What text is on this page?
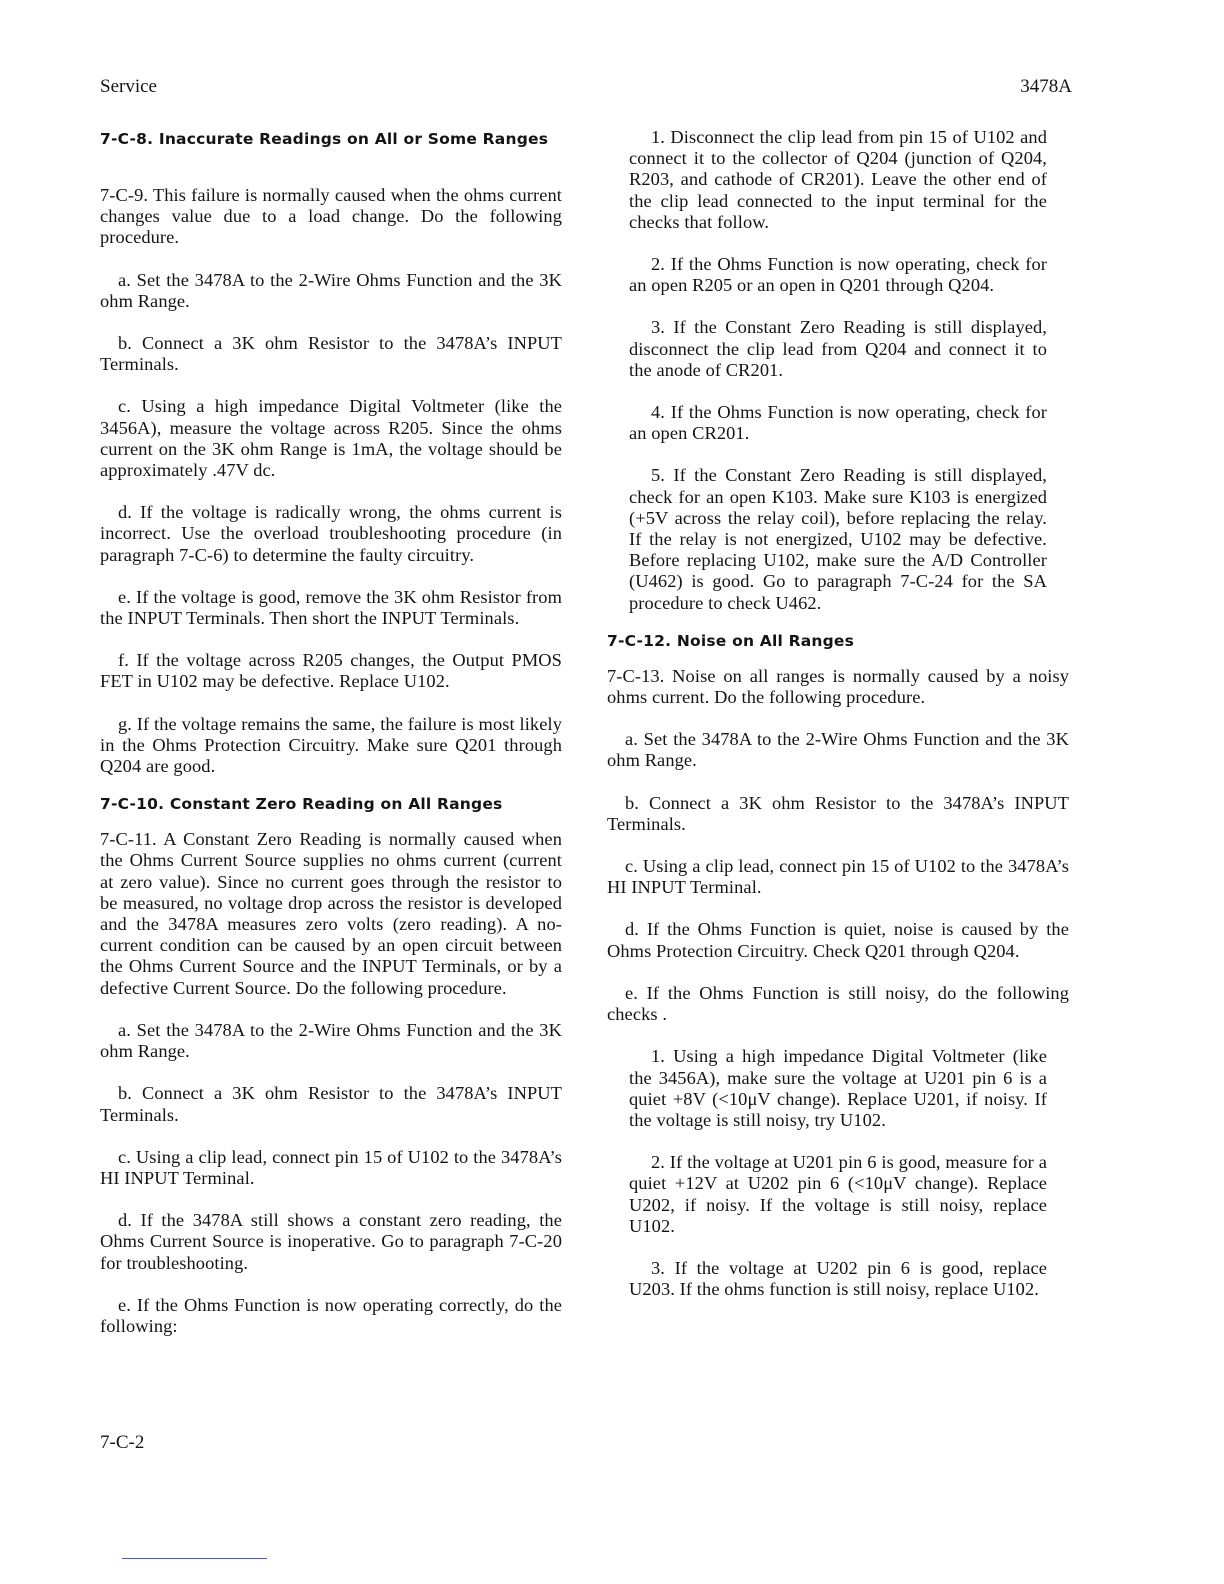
Service	3478A
7-C-8. Inaccurate Readings on All or Some Ranges
7-C-9. This failure is normally caused when the ohms current changes value due to a load change. Do the following procedure.
a. Set the 3478A to the 2-Wire Ohms Function and the 3K ohm Range.
b. Connect a 3K ohm Resistor to the 3478A’s INPUT Terminals.
c. Using a high impedance Digital Voltmeter (like the 3456A), measure the voltage across R205. Since the ohms current on the 3K ohm Range is 1mA, the voltage should be approximately .47V dc.
d. If the voltage is radically wrong, the ohms current is incorrect. Use the overload troubleshooting procedure (in paragraph 7-C-6) to determine the faulty circuitry.
e. If the voltage is good, remove the 3K ohm Resistor from the INPUT Terminals. Then short the INPUT Terminals.
f. If the voltage across R205 changes, the Output PMOS FET in U102 may be defective. Replace U102.
g. If the voltage remains the same, the failure is most likely in the Ohms Protection Circuitry. Make sure Q201 through Q204 are good.
7-C-10. Constant Zero Reading on All Ranges
7-C-11. A Constant Zero Reading is normally caused when the Ohms Current Source supplies no ohms current (current at zero value). Since no current goes through the resistor to be measured, no voltage drop across the resistor is developed and the 3478A measures zero volts (zero reading). A no-current condition can be caused by an open circuit between the Ohms Current Source and the INPUT Terminals, or by a defective Current Source. Do the following procedure.
a. Set the 3478A to the 2-Wire Ohms Function and the 3K ohm Range.
b. Connect a 3K ohm Resistor to the 3478A’s INPUT Terminals.
c. Using a clip lead, connect pin 15 of U102 to the 3478A’s HI INPUT Terminal.
d. If the 3478A still shows a constant zero reading, the Ohms Current Source is inoperative. Go to paragraph 7-C-20 for troubleshooting.
e. If the Ohms Function is now operating correctly, do the following:
1. Disconnect the clip lead from pin 15 of U102 and connect it to the collector of Q204 (junction of Q204, R203, and cathode of CR201). Leave the other end of the clip lead connected to the input terminal for the checks that follow.
2. If the Ohms Function is now operating, check for an open R205 or an open in Q201 through Q204.
3. If the Constant Zero Reading is still displayed, disconnect the clip lead from Q204 and connect it to the anode of CR201.
4. If the Ohms Function is now operating, check for an open CR201.
5. If the Constant Zero Reading is still displayed, check for an open K103. Make sure K103 is energized (+5V across the relay coil), before replacing the relay. If the relay is not energized, U102 may be defective. Before replacing U102, make sure the A/D Controller (U462) is good. Go to paragraph 7-C-24 for the SA procedure to check U462.
7-C-12. Noise on All Ranges
7-C-13. Noise on all ranges is normally caused by a noisy ohms current. Do the following procedure.
a. Set the 3478A to the 2-Wire Ohms Function and the 3K ohm Range.
b. Connect a 3K ohm Resistor to the 3478A’s INPUT Terminals.
c. Using a clip lead, connect pin 15 of U102 to the 3478A’s HI INPUT Terminal.
d. If the Ohms Function is quiet, noise is caused by the Ohms Protection Circuitry. Check Q201 through Q204.
e. If the Ohms Function is still noisy, do the following checks .
1. Using a high impedance Digital Voltmeter (like the 3456A), make sure the voltage at U201 pin 6 is a quiet +8V (<10μV change). Replace U201, if noisy. If the voltage is still noisy, try U102.
2. If the voltage at U201 pin 6 is good, measure for a quiet +12V at U202 pin 6 (<10μV change). Replace U202, if noisy. If the voltage is still noisy, replace U102.
3. If the voltage at U202 pin 6 is good, replace U203. If the ohms function is still noisy, replace U102.
7-C-2
